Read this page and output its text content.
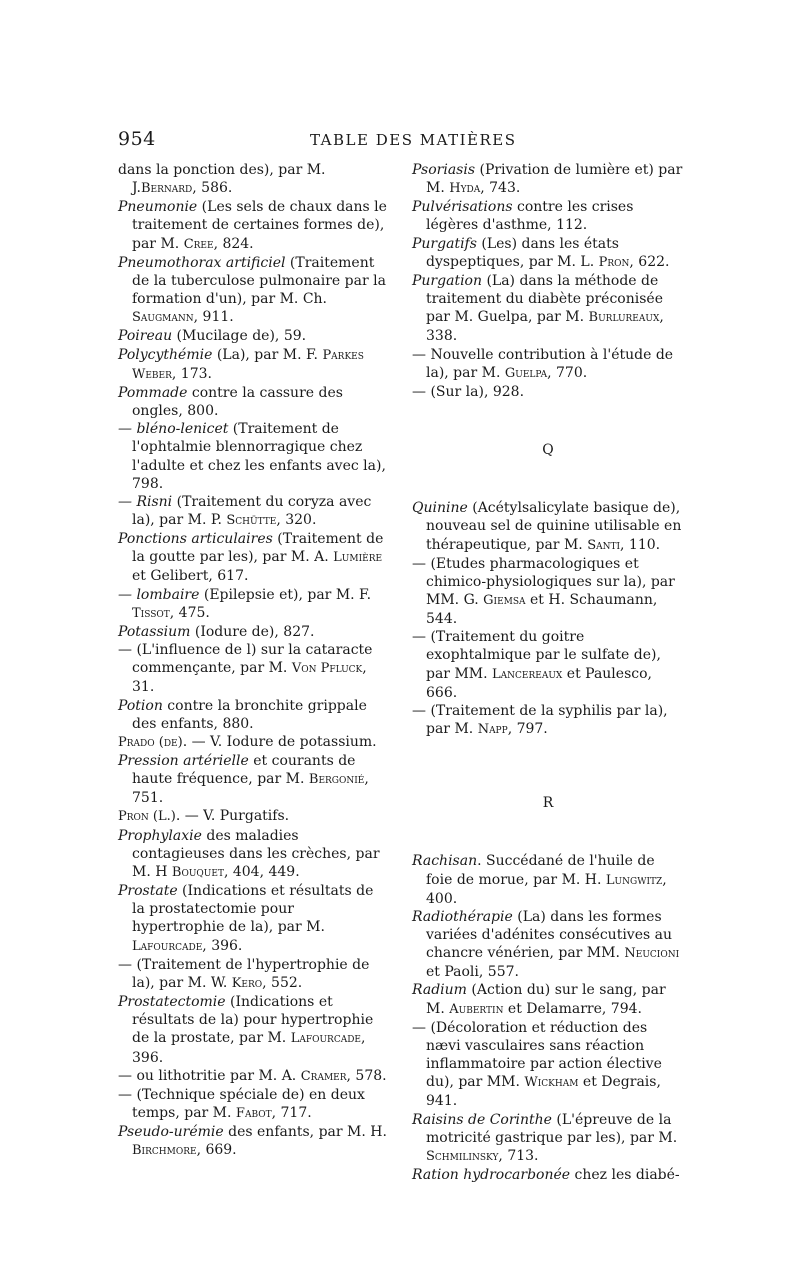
954	TABLE DES MATIÈRES

dans la ponction des), par M. J.Bernard, 586.

Pneumonie (Les sels de chaux dans le traitement de certaines formes de), par M. Cree, 824.

Pneumothorax artificiel (Traitement de la tuberculose pulmonaire par la formation d'un), par M. Ch. Saugmann, 911.

Poireau (Mucilage de), 59.

Polycythémie (La), par M. F. Parkes Weber, 173.

Pommade contre la cassure des ongles, 800.

— bléno-lenicet (Traitement de l'ophtalmie blennorragique chez l'adulte et chez les enfants avec la), 798.

— Risni (Traitement du coryza avec la), par M. P. Schütte, 320.

Ponctions articulaires (Traitement de la goutte par les), par M. A. Lumière et Gelibert, 617.

— lombaire (Epilepsie et), par M. F. Tissot, 475.

Potassium (Iodure de), 827.

— (L'influence de l) sur la cataracte commençante, par M. Von Pfluck, 31.

Potion contre la bronchite grippale des enfants, 880.

Prado (de). — V. Iodure de potassium.

Pression artérielle et courants de haute fréquence, par M. Bergonié, 751.

Pron (L.). — V. Purgatifs.

Prophylaxie des maladies contagieuses dans les crèches, par M. H Bouquet, 404, 449.

Prostate (Indications et résultats de la prostatectomie pour hypertrophie de la), par M. Lafourcade, 396.

— (Traitement de l'hypertrophie de la), par M. W. Kero, 552.

Prostatectomie (Indications et résultats de la) pour hypertrophie de la prostate, par M. Lafourcade, 396.

— ou lithotritie par M. A. Cramer, 578.

— (Technique spéciale de) en deux temps, par M. Fabot, 717.

Pseudo-urémie des enfants, par M. H. Birchmore, 669.

Psoriasis (Privation de lumière et) par M. Hyda, 743.

Pulvérisations contre les crises légères d'asthme, 112.

Purgatifs (Les) dans les états dyspeptiques, par M. L. Pron, 622.

Purgation (La) dans la méthode de traitement du diabète préconisée par M. Guelpa, par M. Burlureaux, 338.

— Nouvelle contribution à l'étude de la), par M. Guelpa, 770.

— (Sur la), 928.

Q

Quinine (Acétylsalicylate basique de), nouveau sel de quinine utilisable en thérapeutique, par M. Santi, 110.

— (Etudes pharmacologiques et chimico-physiologiques sur la), par MM. G. Giemsa et H. Schaumann, 544.

— (Traitement du goitre exophtalmique par le sulfate de), par MM. Lancereaux et Paulesco, 666.

— (Traitement de la syphilis par la), par M. Napp, 797.

R

Rachisan. Succédané de l'huile de foie de morue, par M. H. Lungwitz, 400.

Radiothérapie (La) dans les formes variées d'adénites consécutives au chancre vénérien, par MM. Neucioni et Paoli, 557.

Radium (Action du) sur le sang, par M. Aubertin et Delamarre, 794.

— (Décoloration et réduction des nævi vasculaires sans réaction inflammatoire par action élective du), par MM. Wickham et Degrais, 941.

Raisins de Corinthe (L'épreuve de la motricité gastrique par les), par M. Schmilinsky, 713.

Ration hydrocarbonée chez les diabé-
